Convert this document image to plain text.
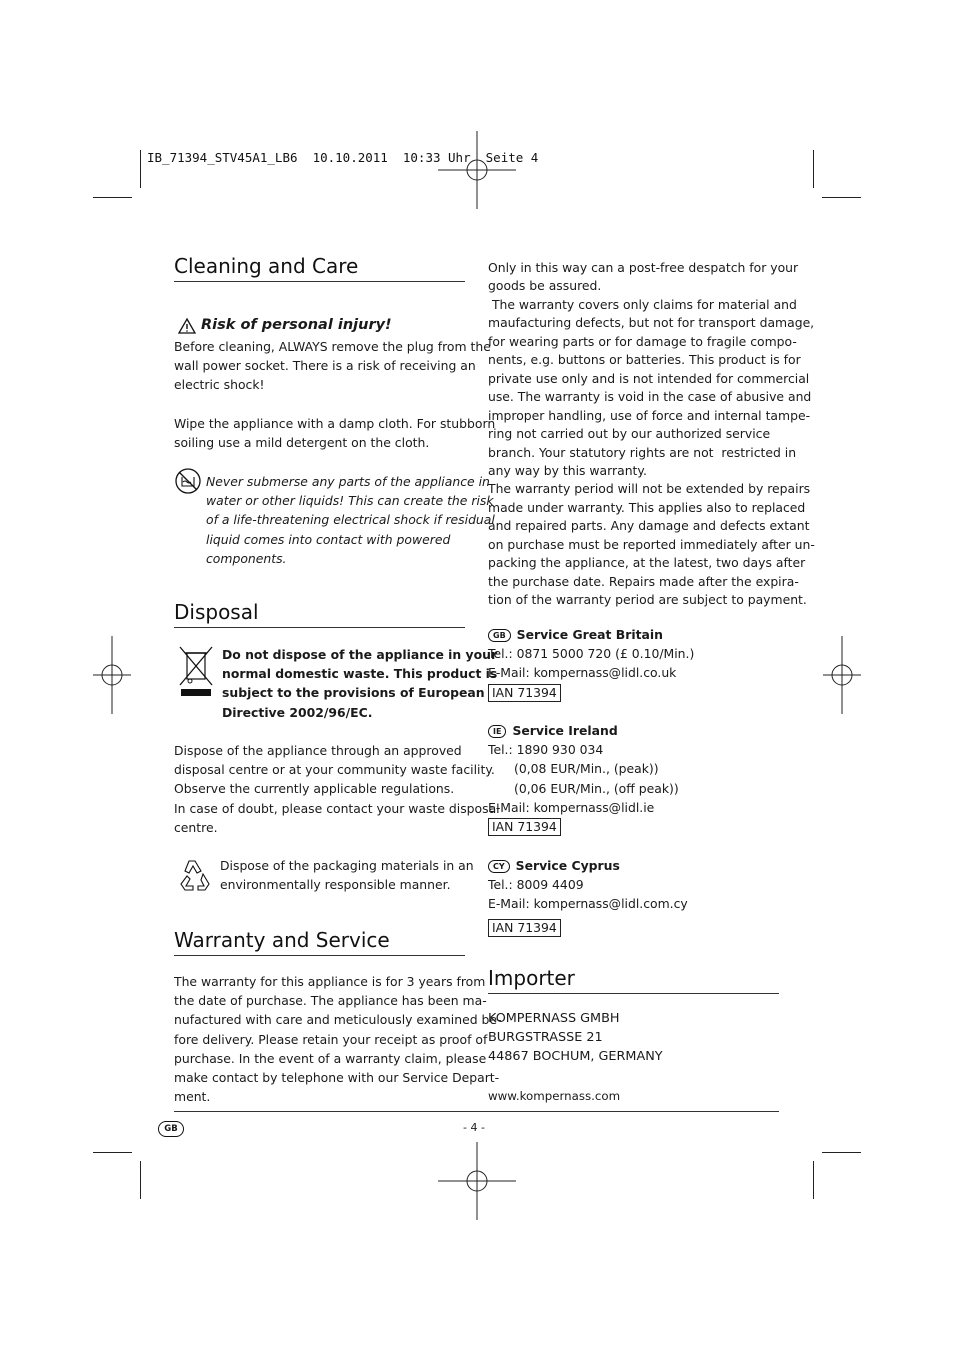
IB_71394_STV45A1_LB6  10.10.2011  10:33 Uhr  Seite 4
Cleaning and Care
Risk of personal injury!
Before cleaning, ALWAYS remove the plug from the
wall power socket. There is a risk of receiving an
electric shock!
Wipe the appliance with a damp cloth. For stubborn
soiling use a mild detergent on the cloth.
Never submerse any parts of the appliance in
water or other liquids! This can create the risk
of a life-threatening electrical shock if residual
liquid comes into contact with powered
components.
Disposal
Do not dispose of the appliance in your
normal domestic waste. This product is
subject to the provisions of European
Directive 2002/96/EC.
Dispose of the appliance through an approved
disposal centre or at your community waste facility.
Observe the currently applicable regulations.
In case of doubt, please contact your waste disposal
centre.
Dispose of the packaging materials in an
environmentally responsible manner.
Warranty and Service
The warranty for this appliance is for 3 years from
the date of purchase. The appliance has been ma-
nufactured with care and meticulously examined be-
fore delivery. Please retain your receipt as proof of
purchase. In the event of a warranty claim, please
make contact by telephone with our Service Depart-
ment.
Only in this way can a post-free despatch for your
goods be assured.
The warranty covers only claims for material and
maufacturing defects, but not for transport damage,
for wearing parts or for damage to fragile compo-
nents, e.g. buttons or batteries. This product is for
private use only and is not intended for commercial
use. The warranty is void in the case of abusive and
improper handling, use of force and internal tampe-
ring not carried out by our authorized service
branch. Your statutory rights are not  restricted in
any way by this warranty.
The warranty period will not be extended by repairs
made under warranty. This applies also to replaced
and repaired parts. Any damage and defects extant
on purchase must be reported immediately after un-
packing the appliance, at the latest, two days after
the purchase date. Repairs made after the expira-
tion of the warranty period are subject to payment.
GB Service Great Britain
Tel.: 0871 5000 720 (£ 0.10/Min.)
E-Mail: kompernass@lidl.co.uk
IAN 71394
IE Service Ireland
Tel.: 1890 930 034
(0,08 EUR/Min., (peak))
(0,06 EUR/Min., (off peak))
E-Mail: kompernass@lidl.ie
IAN 71394
CY Service Cyprus
Tel.: 8009 4409
E-Mail: kompernass@lidl.com.cy
IAN 71394
Importer
KOMPERNASS GMBH
BURGSTRASSE 21
44867 BOCHUM, GERMANY
www.kompernass.com
GB	- 4 -
